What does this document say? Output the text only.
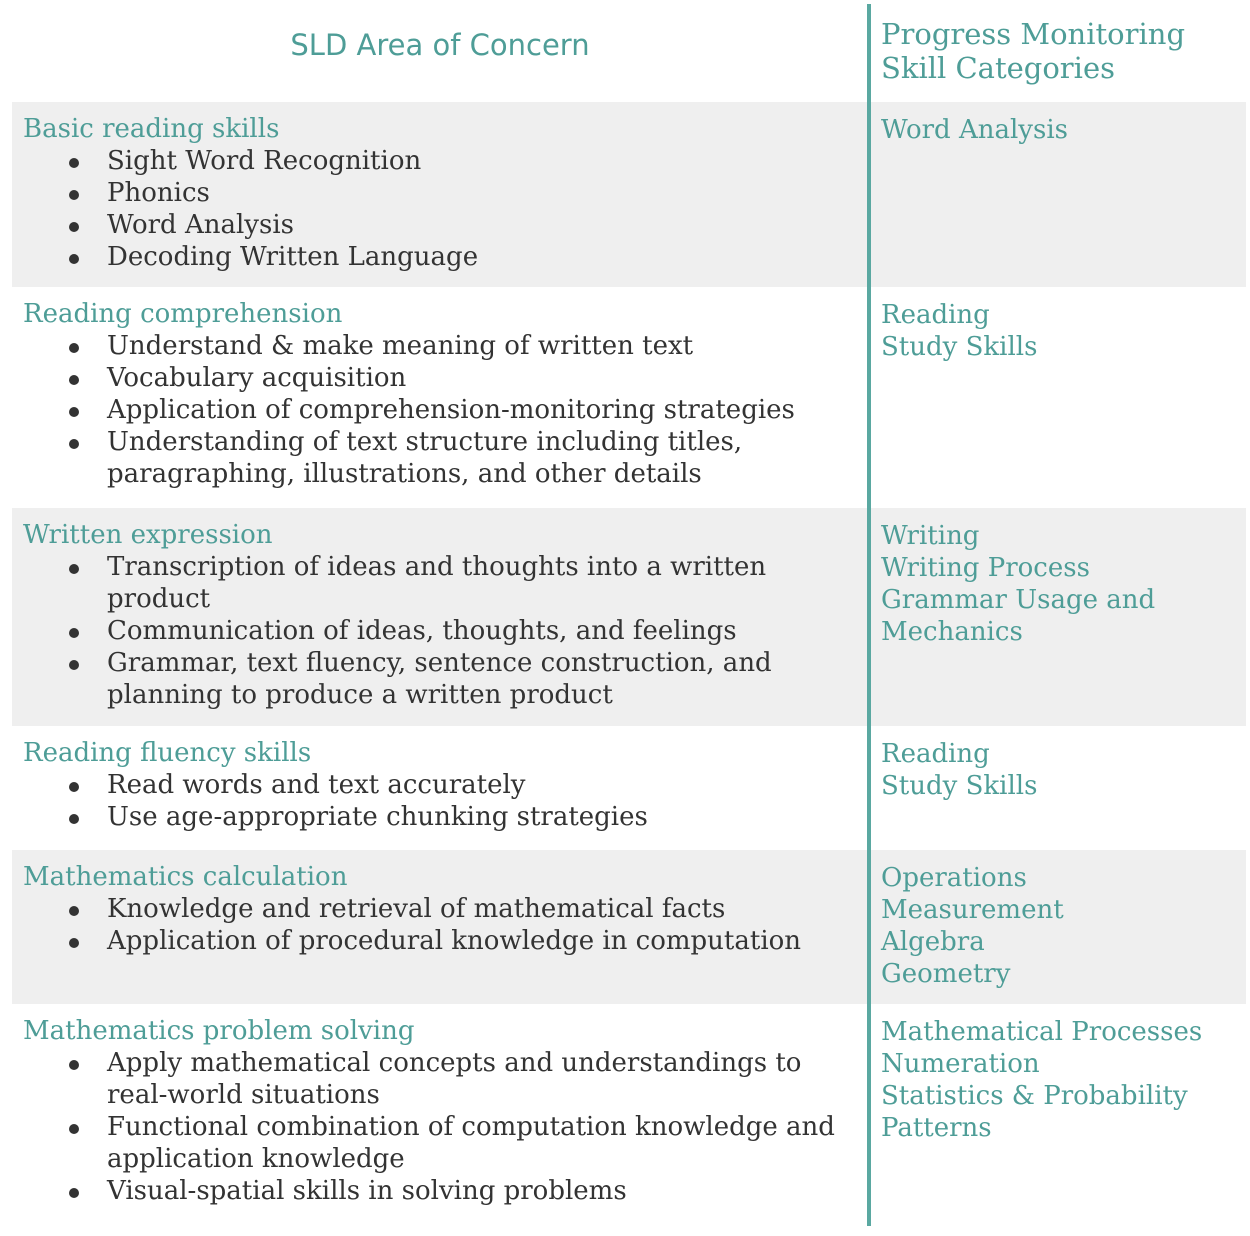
SLD Area of Concern	Progress Monitoring
Skill Categories
Basic reading skills
Sight Word Recognition
Phonics
Word Analysis
Decoding Written Language
Word Analysis
Reading comprehension
Understand & make meaning of written text
Vocabulary acquisition
Application of comprehension-monitoring strategies
Understanding of text structure including titles, paragraphing, illustrations, and other details
Reading
Study Skills
Written expression
Transcription of ideas and thoughts into a written product
Communication of ideas, thoughts, and feelings
Grammar, text fluency, sentence construction, and planning to produce a written product
Writing
Writing Process
Grammar Usage and Mechanics
Reading fluency skills
Read words and text accurately
Use age-appropriate chunking strategies
Reading
Study Skills
Mathematics calculation
Knowledge and retrieval of mathematical facts
Application of procedural knowledge in computation
Operations
Measurement
Algebra
Geometry
Mathematics problem solving
Apply mathematical concepts and understandings to real-world situations
Functional combination of computation knowledge and application knowledge
Visual-spatial skills in solving problems
Mathematical Processes
Numeration
Statistics & Probability
Patterns
